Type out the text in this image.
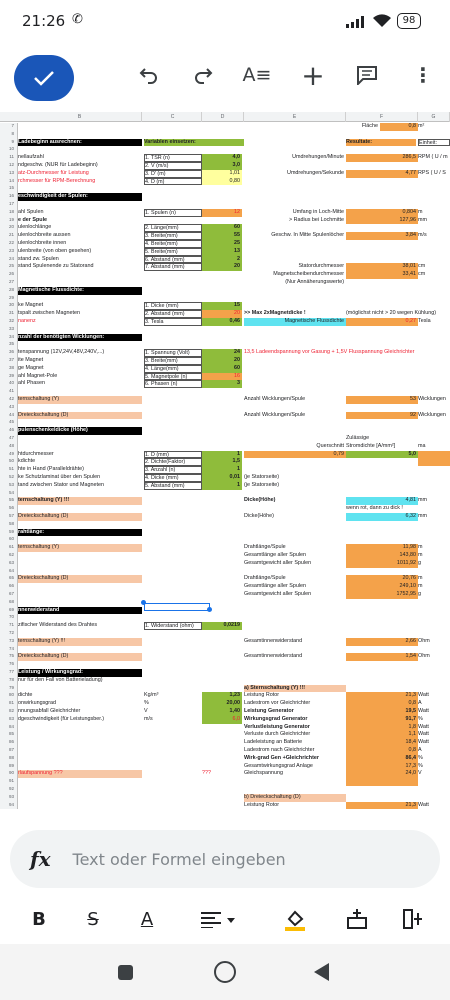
21:26 ✆	98
A≡ +	⋮
B	C	D	E	F	G
7	Fläche	0,8 m²
8
9 Ladebeginn ausrechnen:	Variablen einsetzen:	Resultate:	Einheit:
10
11 nellaufzahl	1. TSR (n)	4,0	Umdrehungen/Minute	286,5 RPM ( U / m
12 ndgeschw. (NUR für Ladebeginn)	2. V (m/s)	3,0
13 atz-Durchmesser für Leistung	3. D' (m)	1,01	Umdrehungen/Sekunde	4,77 RPS ( U / S
14 rchmesser für RPM-Berechnung	4. D (m)	0,80
15
16 eschwindigkeit der Spulen:
17
18 ahl Spulen	1. Spulen (n)	12	Umfang in Loch-Mitte	0,804 m
19 e der Spule	> Radius bei Lochmitte	127,96 mm
20 ulenlochlänge	2. Länge(mm)	60
21 ulenlochbreite aussen	3. Breite(mm)	55	Geschw. In Mitte Spulenlöcher	3,84 m/s
22 ulenlochbreite innen	4. Breite(mm)	25
23 ulenbreite (von oben gesehen)	5. Breite(mm)	13
24 stand zw. Spulen	6. Abstand (mm)	2
25 stand Spulenende zu Statorand	7. Abstand (mm)	20	Statordurchmesser	38,01 cm
26	Magnetscheibendurchmesser	33,41 cm
27	(Nur Annäherungswerte)
28 Magnetische Flussdichte:
29
30 ke Magnet	1. Dicke (mm)	15
31 tspalt zwischen Magneten	2. Abstand (mm)	20 >> Max 2xMagnetdicke !	(möglichst nicht > 20 wegen Kühlung)
32 nanenz	3. Tesla	0,46	Magnetische Flussdichte	0,27 Tesla
33
34 nzahl der benötigten Wicklungen:
35
36 tenspannung (12V,24V,48V,240V,...)	1. Spannung (Volt)	24 13,5 Ladeendspannung vor Gasung + 1,5V Flusspannung Gleichrichter
37 ite Magnet	3. Breite(mm)	20
38 ge Magnet	4. Länge(mm)	60
39 ahl Magnet-Pole	5. Magnetpole (n)	16
40 ahl Phasen	6. Phasen (n)	3
41
42 ternschaltung (Y)	Anzahl Wicklungen/Spule	53 Wicklungen
43
44 Dreieckschaltung (D)	Anzahl Wicklungen/Spule	92 Wicklungen
45
46 pulenschenkeldicke (Höhe)
47	Zulässige
48	Querschnitt Stromdichte [A/mm²]	ma
49 htdurchmesser	1. D (mm)	1	0,79	5,0
50 kdichte	2. Dichte(Faktor)	1,5
51 hte in Hand (Paralleldrähte)	3. Anzahl (n)	1
52 ke Schutzlaminat über den Spulen	4. Dicke (mm)	0,01 (je Statorseite)
53 tand zwischen Stator und Magneten	5. Abstand (mm)	1 (je Statorseite)
54
55 ternschaltung (Y) !!!	Dicke(Höhe)	4,81 mm
56	wenn rot, dann zu dick !
57 Dreieckschaltung (D)	Dicke(Höhe)	6,32 mm
58
59 rahtlänge:
60
61 ternschaltung (Y)	Drahtlänge/Spule	11,98 m
62	Gesamtlänge aller Spulen	143,80 m
63	Gesamtgewicht aller Spulen	1011,92 g
64
65 Dreieckschaltung (D)	Drahtlänge/Spule	20,76 m
66	Gesamtlänge aller Spulen	249,10 m
67	Gesamtgewicht aller Spulen	1752,95 g
68
69 nnenwiderstand
70
71 zifischer Widerstand des Drahtes	1. Widerstand (ohm)	0,0219
72
73 ternschaltung (Y) !!!	Gesamtinnenwiderstand	2,66 Ohm
74
75 Dreieckschaltung (D)	Gesamtinnenwiderstand	1,54 Ohm
76
77 Leistung / Wirkungsgrad:
78 nur für den Fall von Batterieladung)
79	a) Sternschaltung (Y) !!!
80 dichte	Kg/m³	1,23 Leistung Rotor	21,3 Watt
81 onwirkungsgrad	%	20,00 Ladestrom vor Gleichrichter	0,8 A
82 nnungsabfall Gleichrichter	V	1,40 Leistung Generator	19,5 Watt
83 dgeschwindigkeit (für Leistungsber.)	m/s	6,0 Wirkungsgrad Generator	91,7 %
84	Verlustleistung Generator	1,8 Watt
85	Verluste durch Gleichrichter	1,1 Watt
86	Ladeleistung an Batterie	18,4 Watt
87	Ladestrom nach Gleichrichter	0,8 A
88	Wirk-grad Gen +Gleichrichter	86,4 %
89	Gesamtwirkungsgrad Anlage	17,3 %
90 rlaufspannung ???	???	Gleichspannung	24,0 V
91
92
93	b) Dreieckschaltung (D)
94	Leistung Rotor	21,3 Watt
fx Text oder Formel eingeben
B	S	A
